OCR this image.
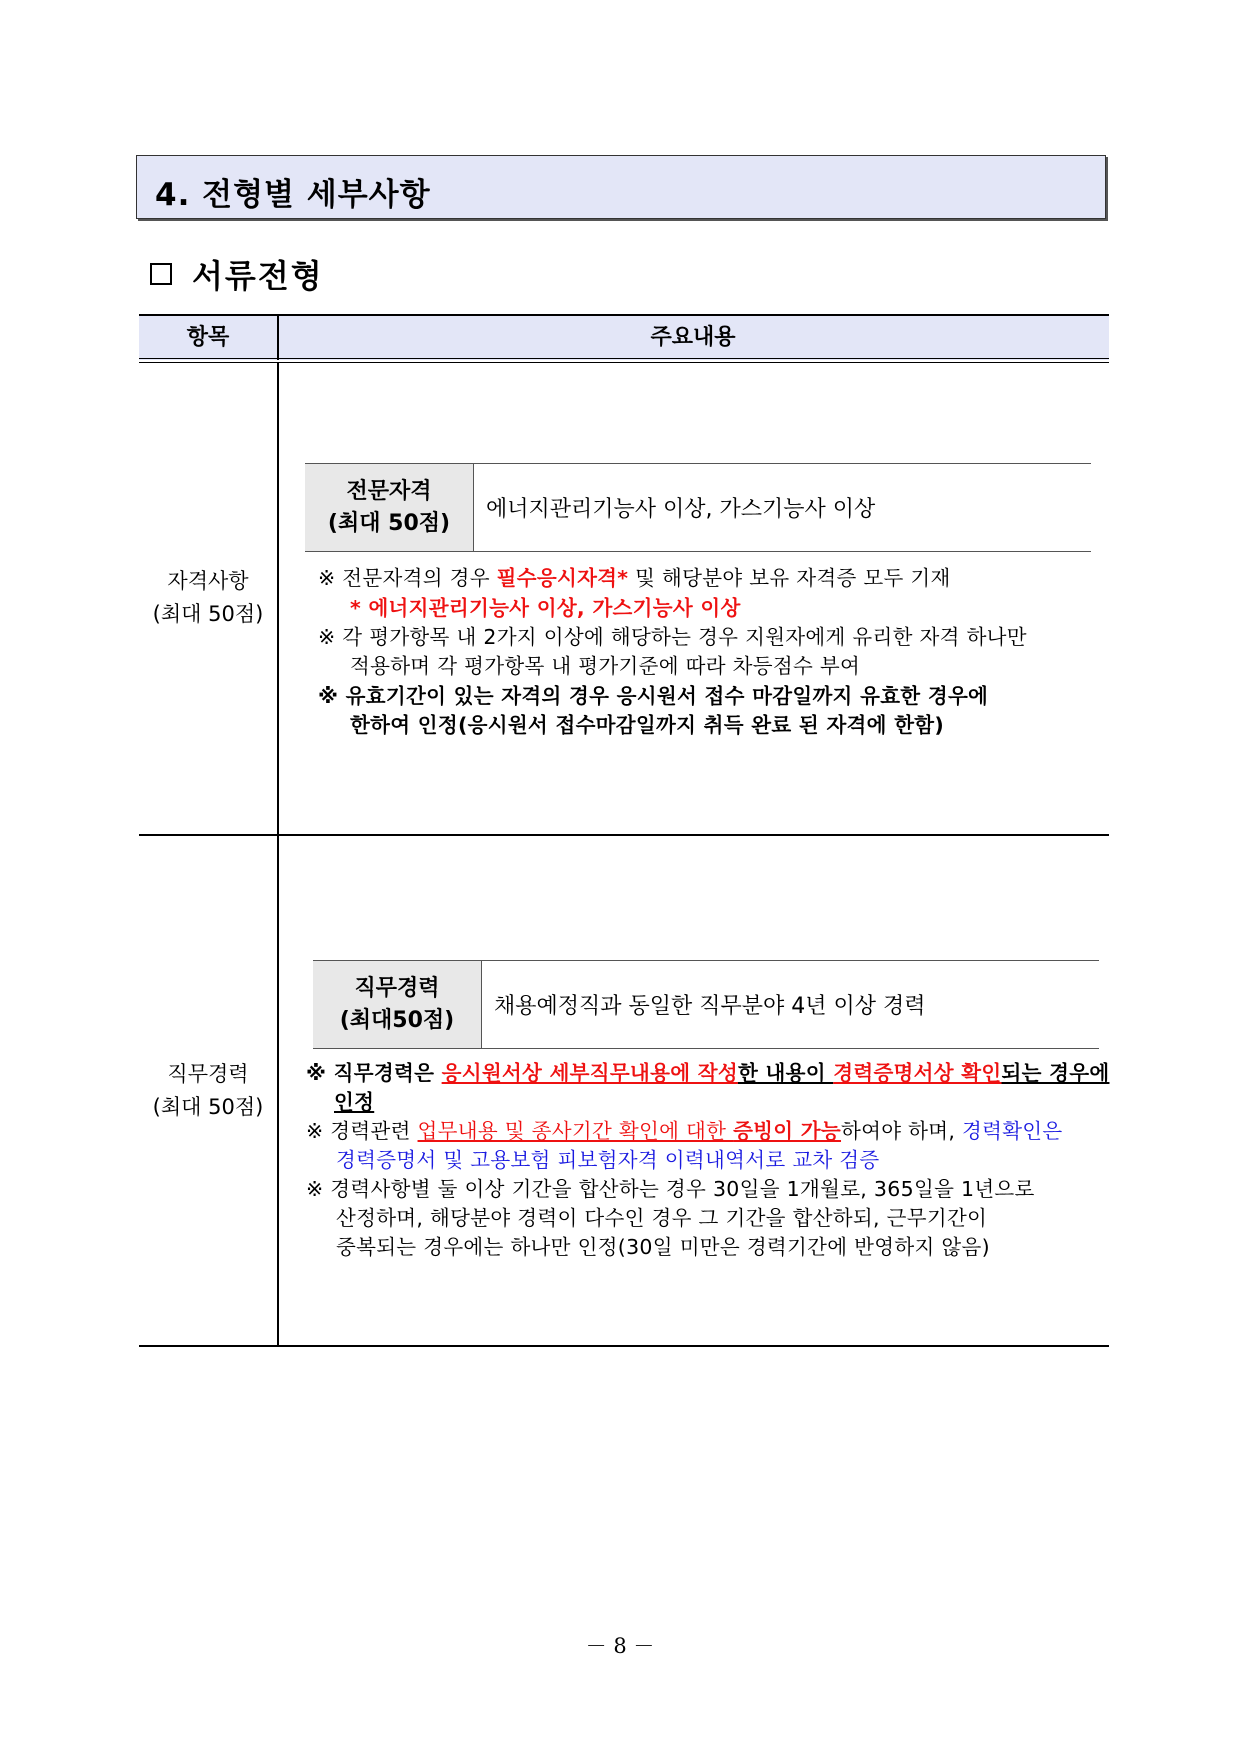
4. 전형별 세부사항
서류전형
항목	주요내용
자격사항
(최대 50점)
전문자격
(최대 50점)
에너지관리기능사 이상, 가스기능사 이상
※ 전문자격의 경우 필수응시자격* 및 해당분야 보유 자격증 모두 기재
* 에너지관리기능사 이상, 가스기능사 이상
※ 각 평가항목 내 2가지 이상에 해당하는 경우 지원자에게 유리한 자격 하나만
적용하며 각 평가항목 내 평가기준에 따라 차등점수 부여
※ 유효기간이 있는 자격의 경우 응시원서 접수 마감일까지 유효한 경우에
한하여 인정(응시원서 접수마감일까지 취득 완료 된 자격에 한함)
직무경력
(최대 50점)
직무경력
(최대50점)
채용예정직과 동일한 직무분야 4년 이상 경력
※ 직무경력은 응시원서상 세부직무내용에 작성한 내용이 경력증명서상 확인되는 경우에
인정
※ 경력관련 업무내용 및 종사기간 확인에 대한 증빙이 가능하여야 하며, 경력확인은
경력증명서 및 고용보험 피보험자격 이력내역서로 교차 검증
※ 경력사항별 둘 이상 기간을 합산하는 경우 30일을 1개월로, 365일을 1년으로
산정하며, 해당분야 경력이 다수인 경우 그 기간을 합산하되, 근무기간이
중복되는 경우에는 하나만 인정(30일 미만은 경력기간에 반영하지 않음)
－ 8 －
